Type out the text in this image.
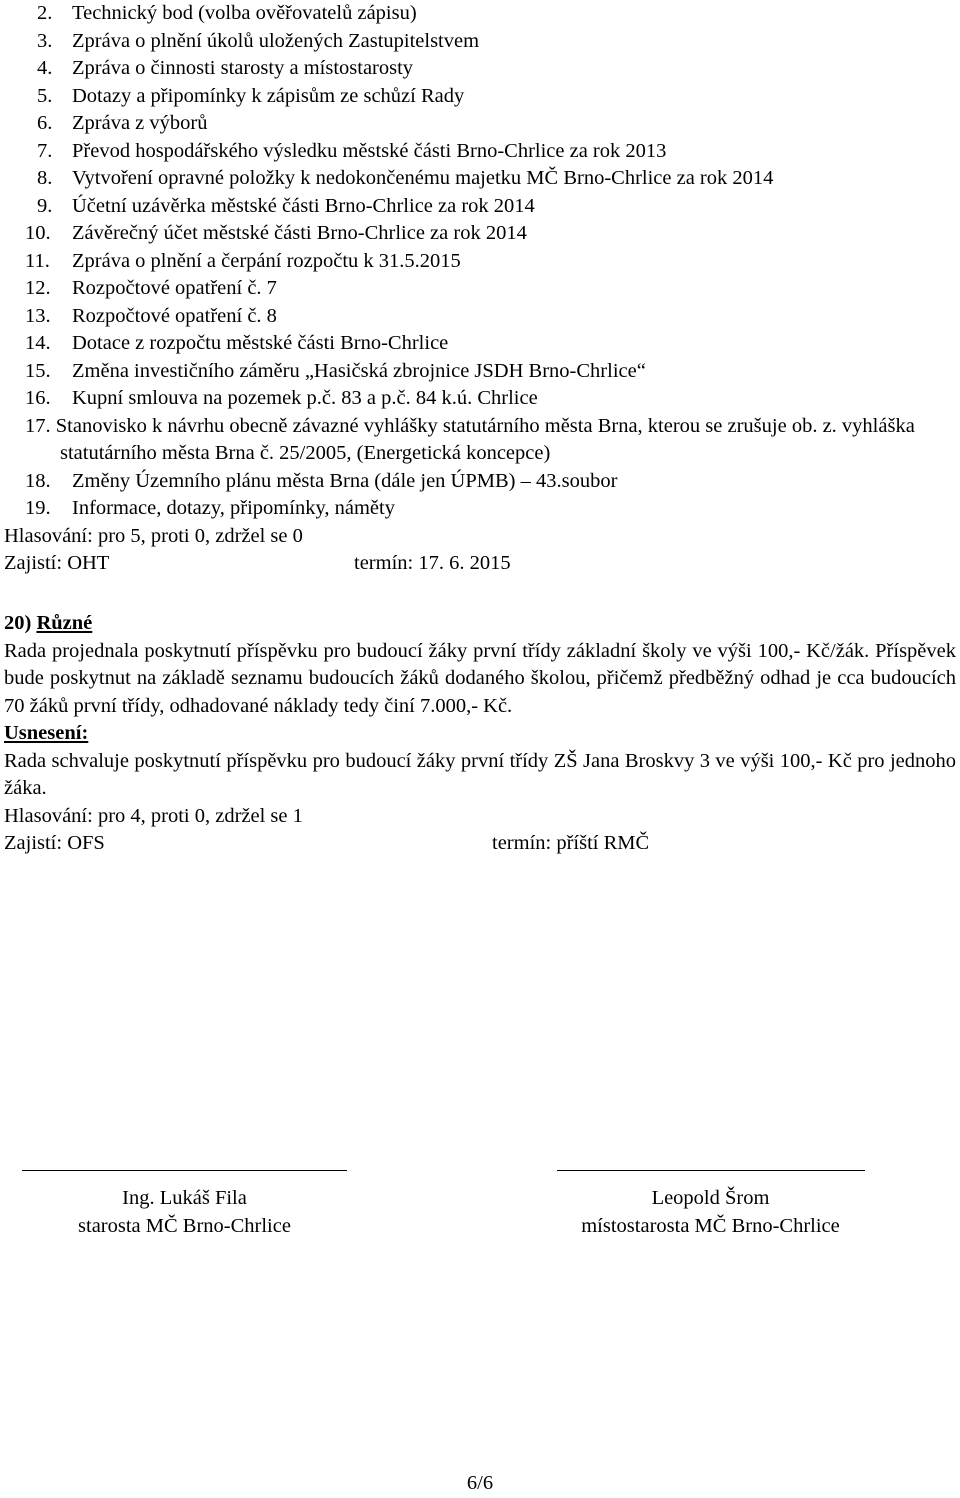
2. Technický bod (volba ověřovatelů zápisu)
3. Zpráva o plnění úkolů uložených Zastupitelstvem
4. Zpráva o činnosti starosty a místostarosty
5. Dotazy a připomínky k zápisům ze schůzí Rady
6. Zpráva z výborů
7. Převod hospodářského výsledku městské části Brno-Chrlice za rok 2013
8. Vytvoření opravné položky k nedokončenému majetku MČ Brno-Chrlice za rok 2014
9. Účetní uzávěrka městské části Brno-Chrlice za rok 2014
10. Závěrečný účet městské části Brno-Chrlice za rok 2014
11. Zpráva o plnění a čerpání rozpočtu k 31.5.2015
12. Rozpočtové opatření č. 7
13. Rozpočtové opatření č. 8
14. Dotace z rozpočtu městské části Brno-Chrlice
15. Změna investičního záměru „Hasičská zbrojnice JSDH Brno-Chrlice“
16. Kupní smlouva na pozemek p.č. 83 a p.č. 84 k.ú. Chrlice
17. Stanovisko k návrhu obecně závazné vyhlášky statutárního města Brna, kterou se zrušuje ob. z. vyhláška statutárního města Brna č. 25/2005, (Energetická koncepce)
18. Změny Územního plánu města Brna (dále jen ÚPMB) – 43.soubor
19. Informace, dotazy, připomínky, náměty
Hlasování: pro 5, proti 0, zdržel se 0
Zajistí: OHT	termín: 17. 6. 2015

20) Různé

Rada projednala poskytnutí příspěvku pro budoucí žáky první třídy základní školy ve výši 100,- Kč/žák. Příspěvek bude poskytnut na základě seznamu budoucích žáků dodaného školou, přičemž předběžný odhad je cca budoucích 70 žáků první třídy, odhadované náklady tedy činí 7.000,- Kč.

Usnesení:

Rada schvaluje poskytnutí příspěvku pro budoucí žáky první třídy ZŠ Jana Broskvy 3 ve výši 100,- Kč pro jednoho žáka.

Hlasování: pro 4, proti 0, zdržel se 1

Zajistí: OFS	termín: příští RMČ

Ing. Lukáš Fila
starosta MČ Brno-Chrlice
Leopold Šrom
místostarosta MČ Brno-Chrlice
6/6
